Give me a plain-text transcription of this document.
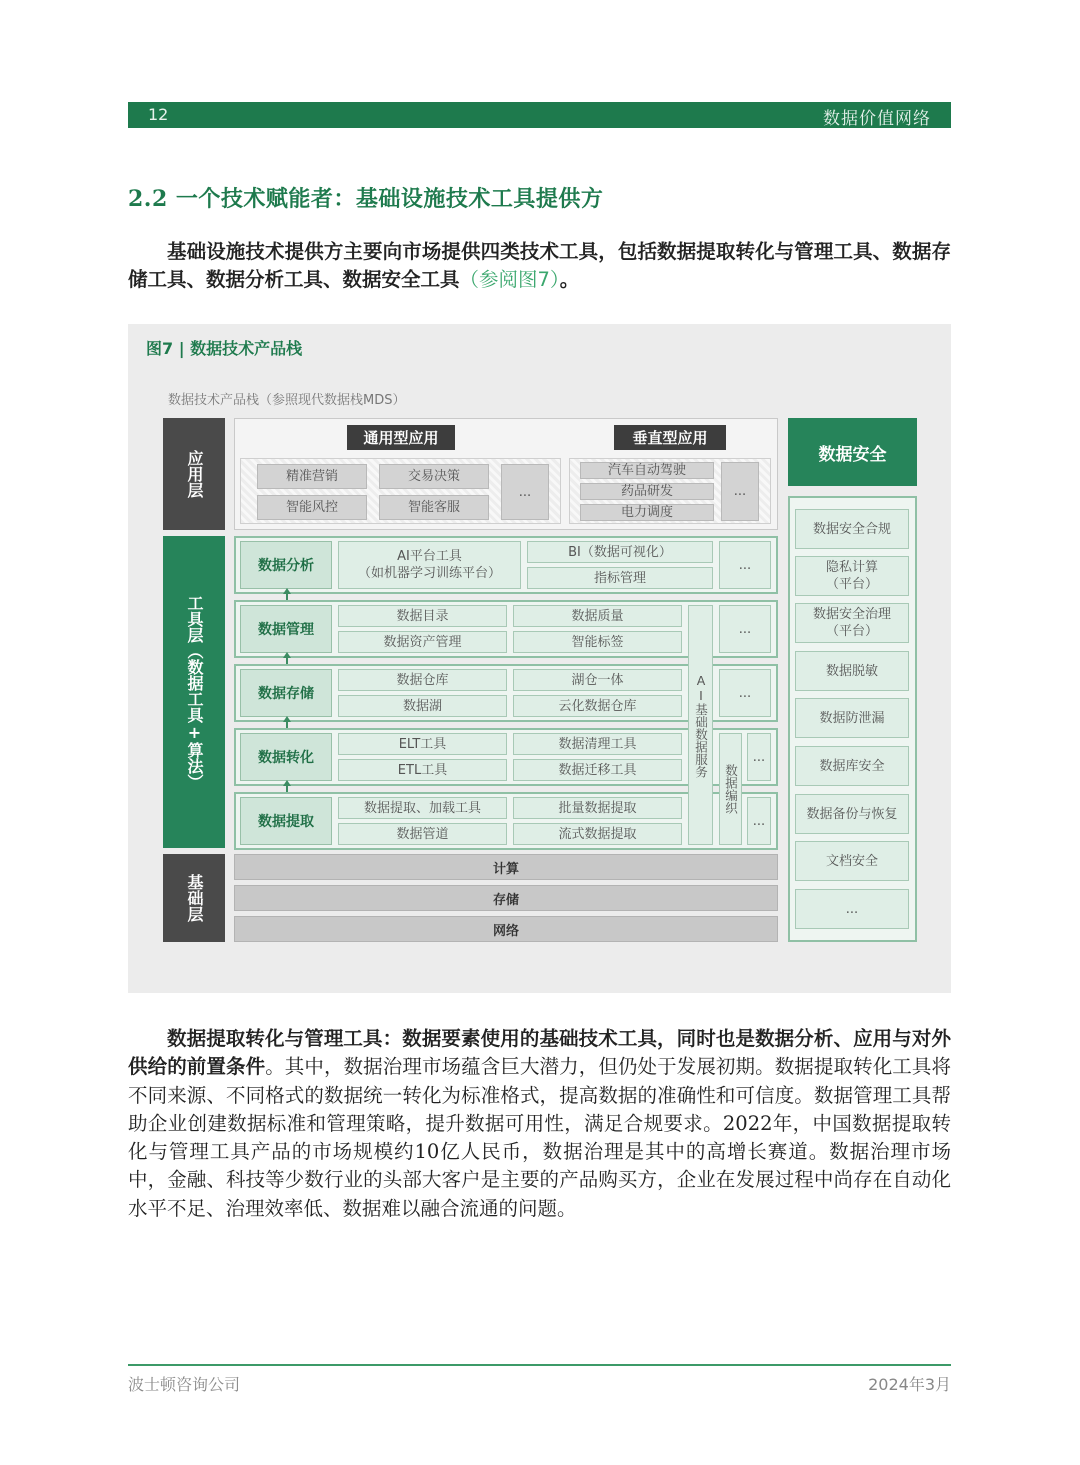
12	数据价值网络
2.2 一个技术赋能者：基础设施技术工具提供方
基础设施技术提供方主要向市场提供四类技术工具，包括数据提取转化与管理工具、数据存储工具、数据分析工具、数据安全工具（参阅图7）。
图7 | 数据技术产品栈
数据技术产品栈（参照现代数据栈MDS）
应用层
工具层（数据工具+算法）
基础层
通用型应用	垂直型应用
精准营销	交易决策
智能风控	智能客服
...
汽车自动驾驶
药品研发
电力调度
...
数据分析
AI平台工具
（如机器学习训练平台）
BI（数据可视化）
指标管理
...
数据管理
数据目录	数据质量
数据资产管理	智能标签
...
数据存储
数据仓库	湖仓一体
数据湖	云化数据仓库
...
数据转化
ELT工具	数据清理工具
ETL工具	数据迁移工具
数据提取
数据提取、加载工具	批量数据提取
数据管道	流式数据提取
AI基础数据服务
数据编织
...
...
计算
存储
网络
数据安全
数据安全合规
隐私计算
（平台）
数据安全治理
（平台）
数据脱敏
数据防泄漏
数据库安全
数据备份与恢复
文档安全
...
数据提取转化与管理工具：数据要素使用的基础技术工具，同时也是数据分析、应用与对外供给的前置条件。其中，数据治理市场蕴含巨大潜力，但仍处于发展初期。数据提取转化工具将不同来源、不同格式的数据统一转化为标准格式，提高数据的准确性和可信度。数据管理工具帮助企业创建数据标准和管理策略，提升数据可用性，满足合规要求。2022年，中国数据提取转化与管理工具产品的市场规模约10亿人民币，数据治理是其中的高增长赛道。数据治理市场中，金融、科技等少数行业的头部大客户是主要的产品购买方，企业在发展过程中尚存在自动化水平不足、治理效率低、数据难以融合流通的问题。
波士顿咨询公司	2024年3月
